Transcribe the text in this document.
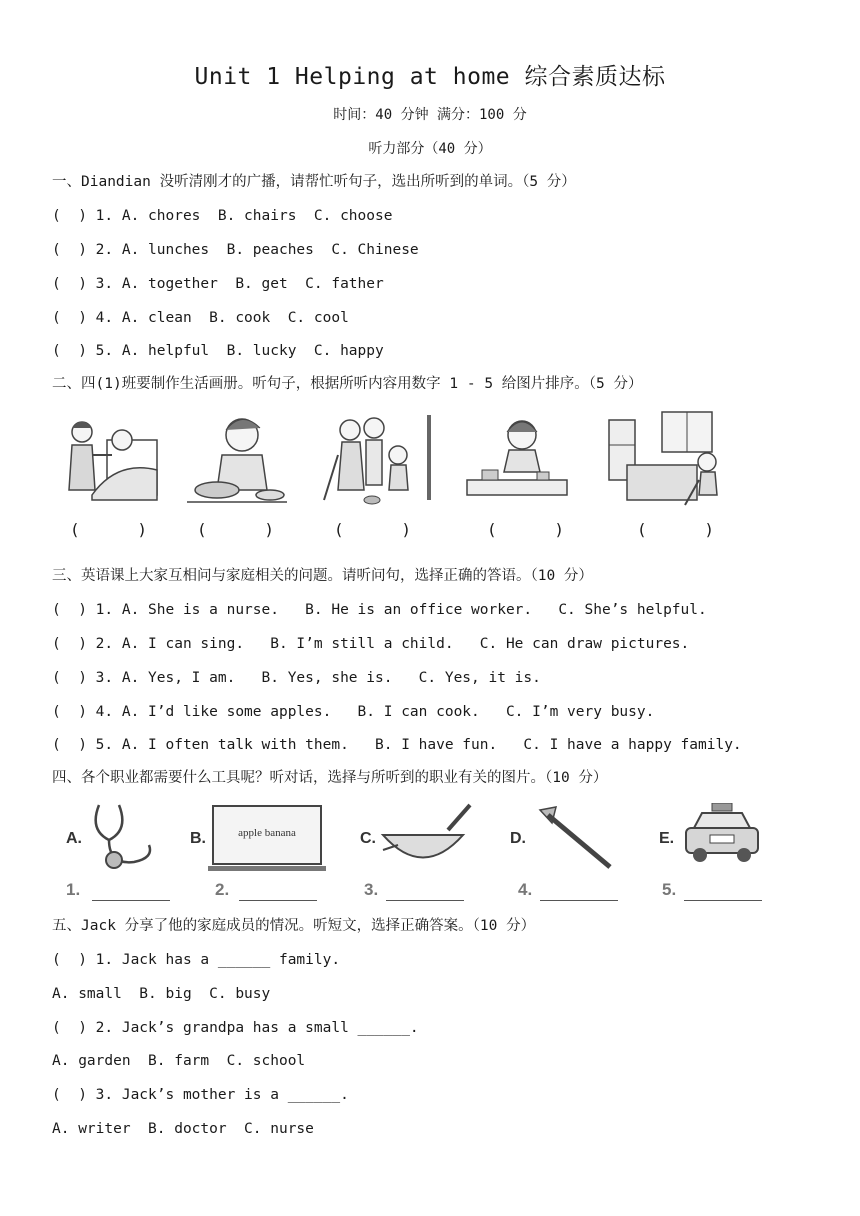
Unit 1 Helping at home 综合素质达标
时间：40 分钟 满分：100 分
听力部分（40 分）
一、Diandian 没听清刚才的广播，请帮忙听句子，选出所听到的单词。（5 分）
(  ) 1. A. chores  B. chairs  C. choose
(  ) 2. A. lunches  B. peaches  C. Chinese
(  ) 3. A. together  B. get  C. father
(  ) 4. A. clean  B. cook  C. cool
(  ) 5. A. helpful  B. lucky  C. happy
二、四(1)班要制作生活画册。听句子，根据所听内容用数字 1 - 5 给图片排序。（5 分）
(      )	(      )	(      )	(      )	(      )
三、英语课上大家互相问与家庭相关的问题。请听问句，选择正确的答语。（10 分）
(  ) 1. A. She is a nurse.   B. He is an office worker.   C. She’s helpful.
(  ) 2. A. I can sing.   B. I’m still a child.   C. He can draw pictures.
(  ) 3. A. Yes, I am.   B. Yes, she is.   C. Yes, it is.
(  ) 4. A. I’d like some apples.   B. I can cook.   C. I’m very busy.
(  ) 5. A. I often talk with them.   B. I have fun.   C. I have a happy family.
四、各个职业都需要什么工具呢？听对话，选择与所听到的职业有关的图片。（10 分）
A.	B.	apple banana	C.	D.	E.
1.	2.	3.	4.	5.
五、Jack 分享了他的家庭成员的情况。听短文，选择正确答案。（10 分）
(  ) 1. Jack has a ______ family.
A. small  B. big  C. busy
(  ) 2. Jack’s grandpa has a small ______.
A. garden  B. farm  C. school
(  ) 3. Jack’s mother is a ______.
A. writer  B. doctor  C. nurse
